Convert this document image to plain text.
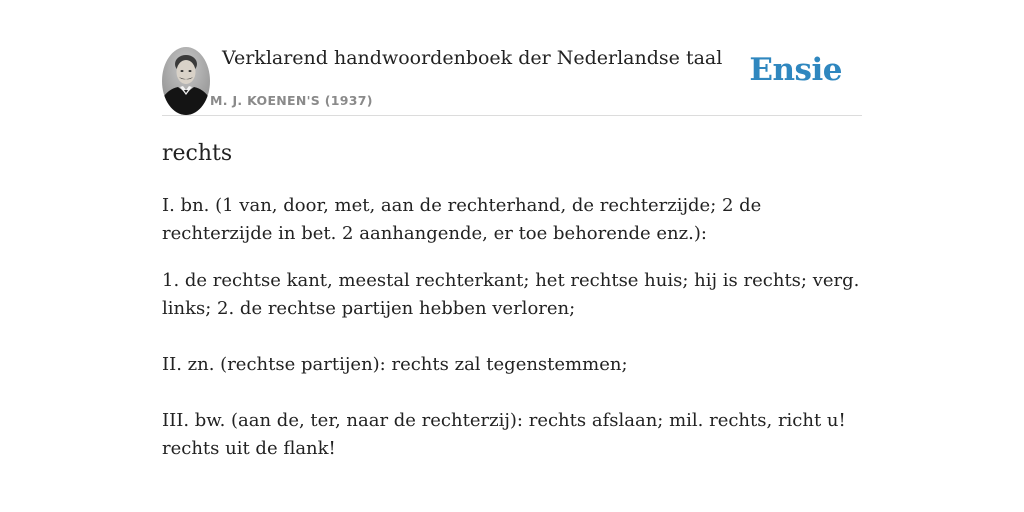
Verklarend handwoordenboek der Nederlandse taal
M. J. KOENEN'S (1937)
Ensie
rechts

I. bn. (1 van, door, met, aan de rechterhand, de rechterzijde; 2 de rechterzijde in bet. 2 aanhangende, er toe behorende enz.):

1. de rechtse kant, meestal rechterkant; het rechtse huis; hij is rechts; verg. links; 2. de rechtse partijen hebben verloren;

II. zn. (rechtse partijen): rechts zal tegenstemmen;

III. bw. (aan de, ter, naar de rechterzij): rechts afslaan; mil. rechts, richt u! rechts uit de flank!
